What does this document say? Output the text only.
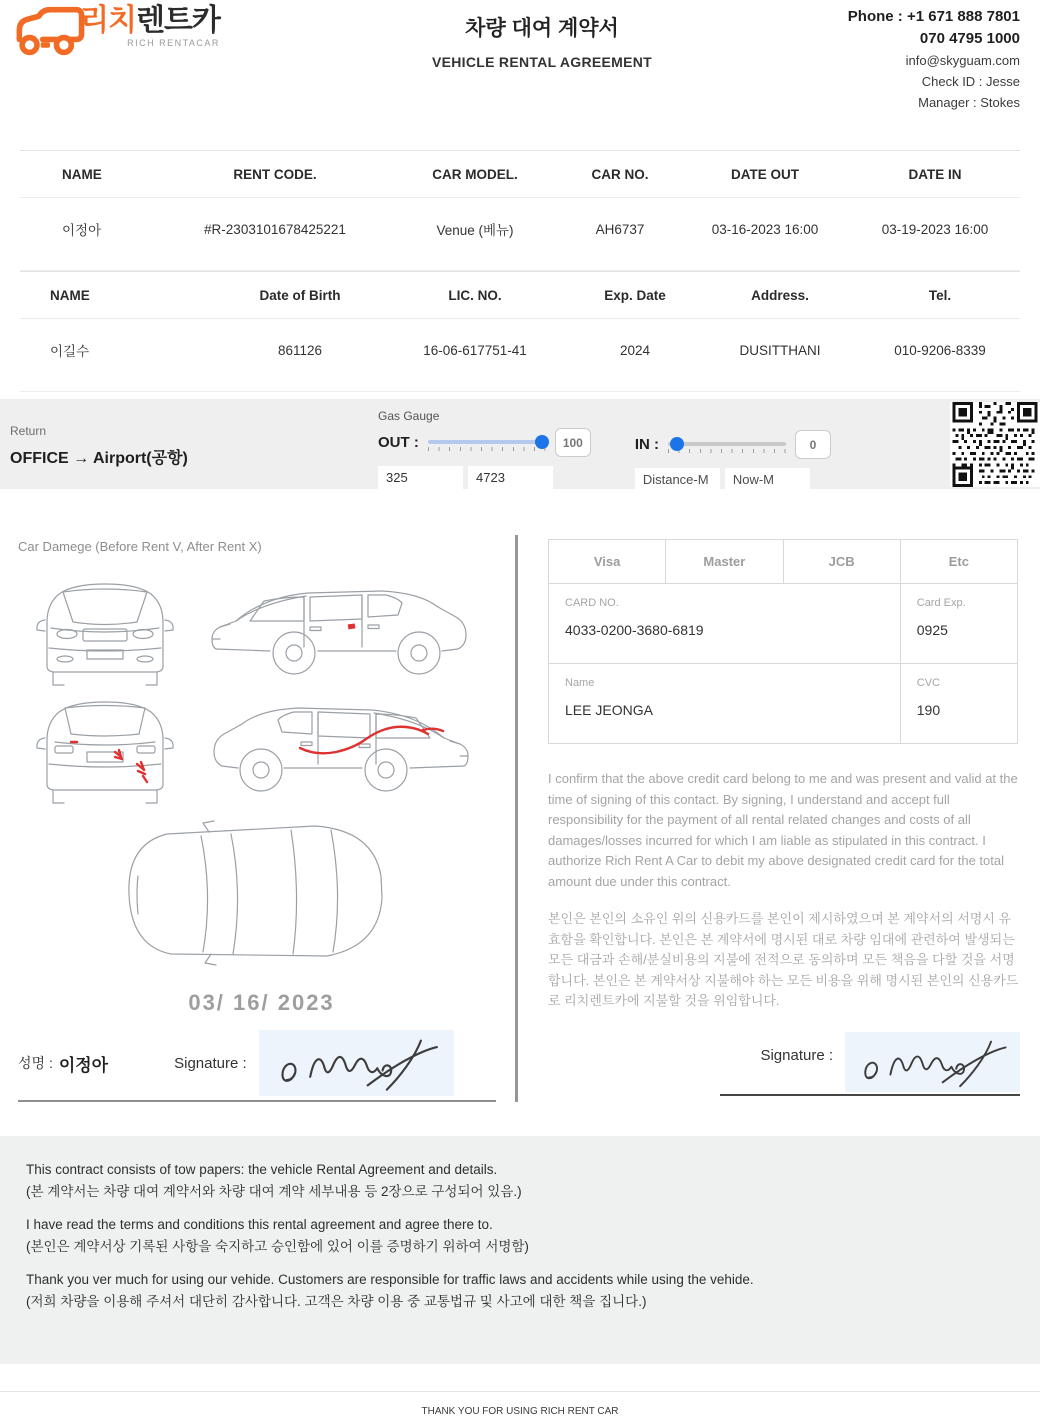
리치렌트카
RICH RENTACAR
차량 대여 계약서
VEHICLE RENTAL AGREEMENT
Phone : +1 671 888 7801
070 4795 1000
info@skyguam.com
Check ID : Jesse
Manager : Stokes
NAME	RENT CODE.	CAR MODEL.	CAR NO.	DATE OUT	DATE IN
이정아	#R-2303101678425221	Venue (베뉴)	AH6737	03-16-2023 16:00	03-19-2023 16:00
NAME	Date of Birth	LIC. NO.	Exp. Date	Address.	Tel.
이길수	861126	16-06-617751-41	2024	DUSITTHANI	010-9206-8339
Return
OFFICE → Airport(공항)
Gas Gauge
OUT :	100
325
4723	IN :	0
Distance-M
Now-M
Car Damege (Before Rent V, After Rent X)
03/ 16/ 2023
성명 : 이정아	Signature :
Visa	Master	JCB	Etc
CARD NO.
4033-0200-3680-6819
Card Exp.
0925
Name
LEE JEONGA
CVC
190
I confirm that the above credit card belong to me and was present and valid at the time of signing of this contact. By signing, I understand and accept full responsibility for the payment of all rental related changes and costs of all damages/losses incurred for which I am liable as stipulated in this contract. I authorize Rich Rent A Car to debit my above designated credit card for the total amount due under this contract.
본인은 본인의 소유인 위의 신용카드를 본인이 제시하였으며 본 계약서의 서명시 유효함을 확인합니다. 본인은 본 계약서에 명시된 대로 차량 임대에 관련하여 발생되는 모든 대금과 손해/분실비용의 지불에 전적으로 동의하며 모든 책음을 다할 것을 서명합니다. 본인은 본 계약서상 지불해야 하는 모든 비용을 위해 명시된 본인의 신용카드로 리치렌트카에 지불할 것을 위임합니다.
Signature :
This contract consists of tow papers: the vehicle Rental Agreement and details.
(본 계약서는 차량 대여 계약서와 차량 대여 계약 세부내용 등 2장으로 구성되어 있음.)
I have read the terms and conditions this rental agreement and agree there to.
(본인은 계약서상 기록된 사항을 숙지하고 승인함에 있어 이를 증명하기 위하여 서명함)
Thank you ver much for using our vehide. Customers are responsible for traffic laws and accidents while using the vehide.
(저희 차량을 이용해 주셔서 대단히 감사합니다. 고객은 차량 이용 중 교통법규 및 사고에 대한 책을 집니다.)
THANK YOU FOR USING RICH RENT CAR
